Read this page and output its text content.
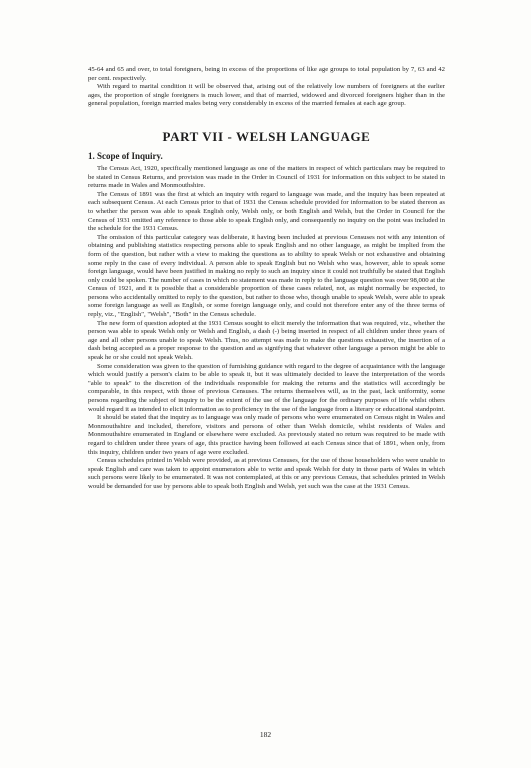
45-64 and 65 and over, to total foreigners, being in excess of the proportions of like age groups to total population by 7, 63 and 42 per cent. respectively.

With regard to marital condition it will be observed that, arising out of the relatively low numbers of foreigners at the earlier ages, the proportion of single foreigners is much lower, and that of married, widowed and divorced foreigners higher than in the general population, foreign married males being very considerably in excess of the married females at each age group.

PART VII - WELSH LANGUAGE
1. Scope of Inquiry.

The Census Act, 1920, specifically mentioned language as one of the matters in respect of which particulars may be required to be stated in Census Returns, and provision was made in the Order in Council of 1931 for information on this subject to be stated in returns made in Wales and Monmouthshire.

The Census of 1891 was the first at which an inquiry with regard to language was made, and the inquiry has been repeated at each subsequent Census. At each Census prior to that of 1931 the Census schedule provided for information to be stated thereon as to whether the person was able to speak English only, Welsh only, or both English and Welsh, but the Order in Council for the Census of 1931 omitted any reference to those able to speak English only, and consequently no inquiry on the point was included in the schedule for the 1931 Census.

The omission of this particular category was deliberate, it having been included at previous Censuses not with any intention of obtaining and publishing statistics respecting persons able to speak English and no other language, as might be implied from the form of the question, but rather with a view to making the questions as to ability to speak Welsh or not exhaustive and obtaining some reply in the case of every individual. A person able to speak English but no Welsh who was, however, able to speak some foreign language, would have been justified in making no reply to such an inquiry since it could not truthfully be stated that English only could be spoken. The number of cases in which no statement was made in reply to the language question was over 98,000 at the Census of 1921, and it is possible that a considerable proportion of these cases related, not, as might normally be expected, to persons who accidentally omitted to reply to the question, but rather to those who, though unable to speak Welsh, were able to speak some foreign language as well as English, or some foreign language only, and could not therefore enter any of the three terms of reply, viz., "English", "Welsh", "Both" in the Census schedule.

The new form of question adopted at the 1931 Census sought to elicit merely the information that was required, viz., whether the person was able to speak Welsh only or Welsh and English, a dash (-) being inserted in respect of all children under three years of age and all other persons unable to speak Welsh. Thus, no attempt was made to make the questions exhaustive, the insertion of a dash being accepted as a proper response to the question and as signifying that whatever other language a person might be able to speak he or she could not speak Welsh.

Some consideration was given to the question of furnishing guidance with regard to the degree of acquaintance with the language which would justify a person's claim to be able to speak it, but it was ultimately decided to leave the interpretation of the words "able to speak" to the discretion of the individuals responsible for making the returns and the statistics will accordingly be comparable, in this respect, with those of previous Censuses. The returns themselves will, as in the past, lack uniformity, some persons regarding the subject of inquiry to be the extent of the use of the language for the ordinary purposes of life whilst others would regard it as intended to elicit information as to proficiency in the use of the language from a literary or educational standpoint.

It should be stated that the inquiry as to language was only made of persons who were enumerated on Census night in Wales and Monmouthshire and included, therefore, visitors and persons of other than Welsh domicile, whilst residents of Wales and Monmouthshire enumerated in England or elsewhere were excluded. As previously stated no return was required to be made with regard to children under three years of age, this practice having been followed at each Census since that of 1891, when only, from this inquiry, children under two years of age were excluded.

Census schedules printed in Welsh were provided, as at previous Censuses, for the use of those householders who were unable to speak English and care was taken to appoint enumerators able to write and speak Welsh for duty in those parts of Wales in which such persons were likely to be enumerated. It was not contemplated, at this or any previous Census, that schedules printed in Welsh would be demanded for use by persons able to speak both English and Welsh, yet such was the case at the 1931 Census.

182
